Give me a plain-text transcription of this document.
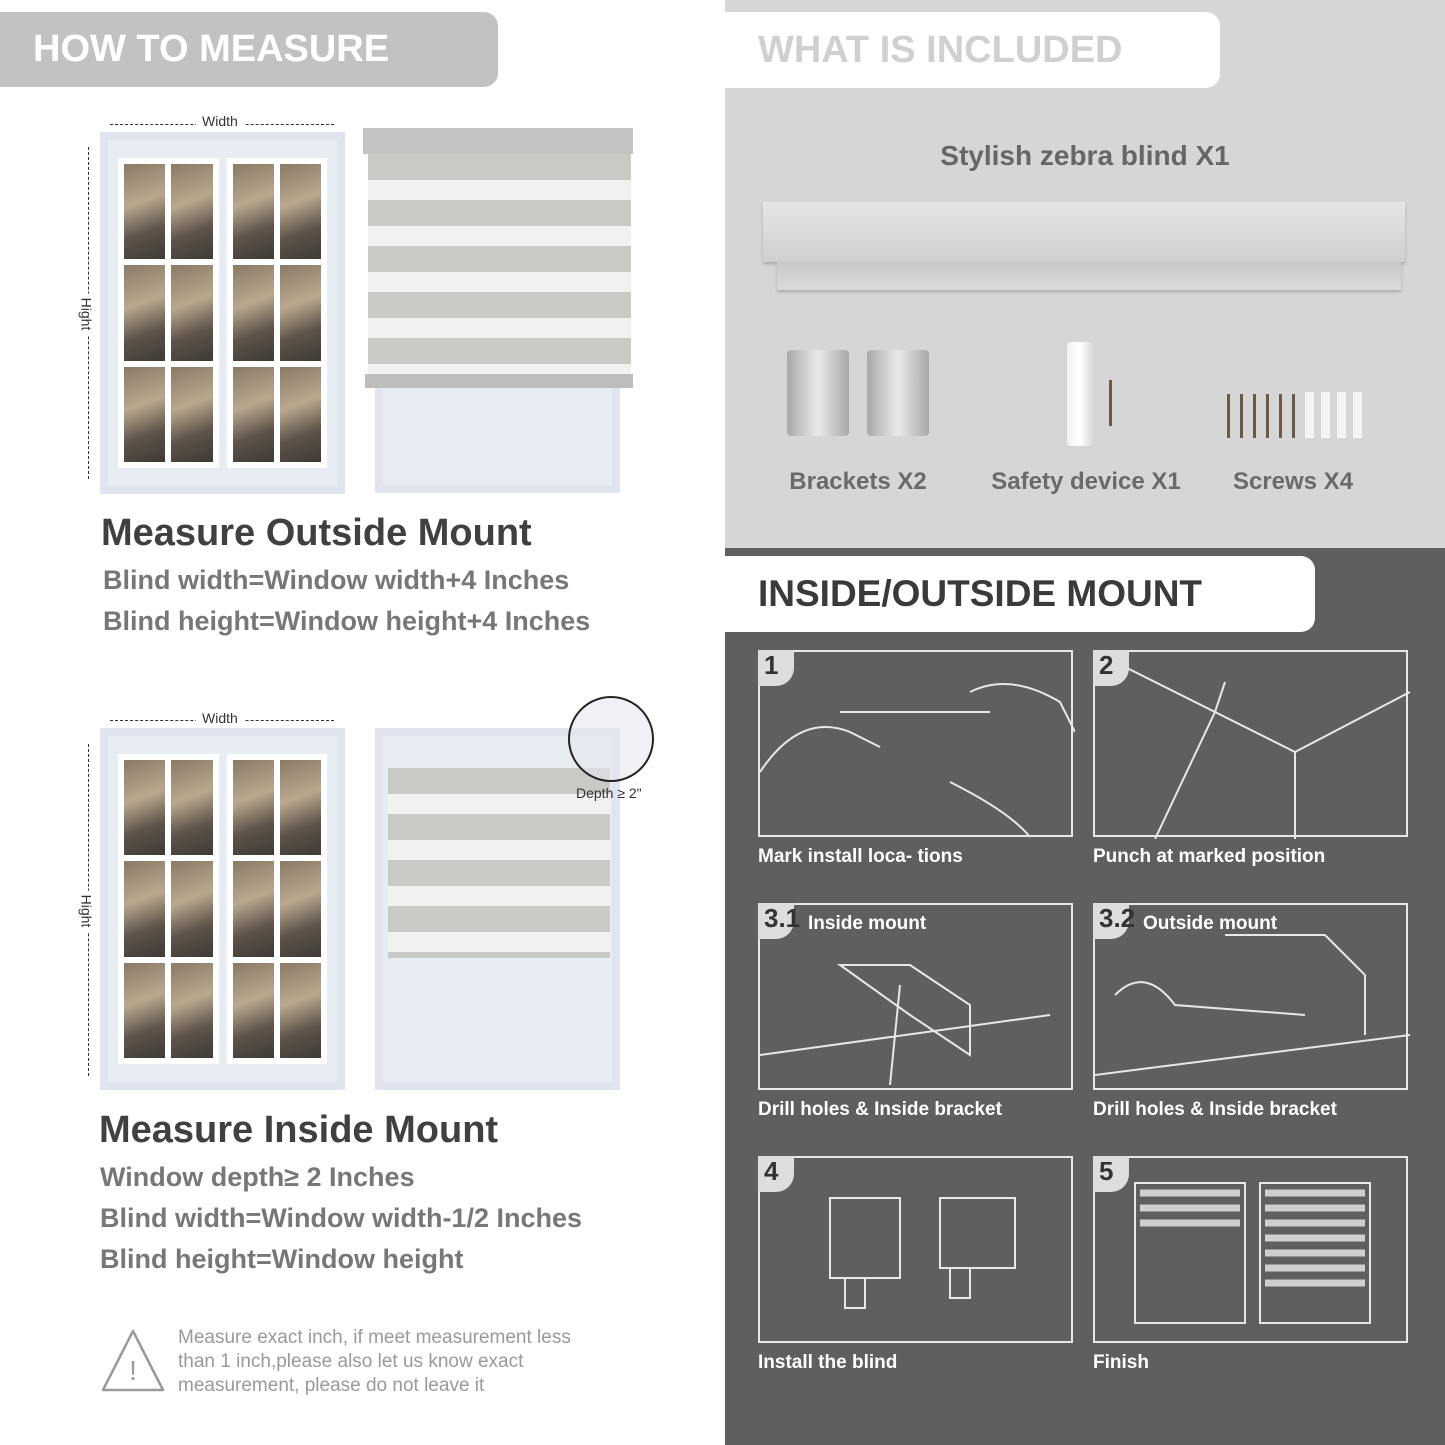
HOW TO MEASURE
Width
Hight
Measure Outside Mount
Blind width=Window width+4 Inches
Blind height=Window height+4 Inches
Width
Hight
Depth ≥ 2"
Measure Inside Mount
Window depth≥ 2 Inches
Blind width=Window width-1/2 Inches
Blind height=Window height
!
Measure exact inch, if meet measurement less
than 1 inch,please also let us know exact
measurement, please do not leave it
WHAT IS INCLUDED
Stylish zebra blind X1
Brackets X2	Safety device X1 Screws X4
INSIDE/OUTSIDE MOUNT
1
Mark install loca- tions
2
Punch at marked position
3.1 Inside mount
Drill holes & Inside bracket
3.2 Outside mount
Drill holes & Inside bracket
4
Install the blind
5
Finish
